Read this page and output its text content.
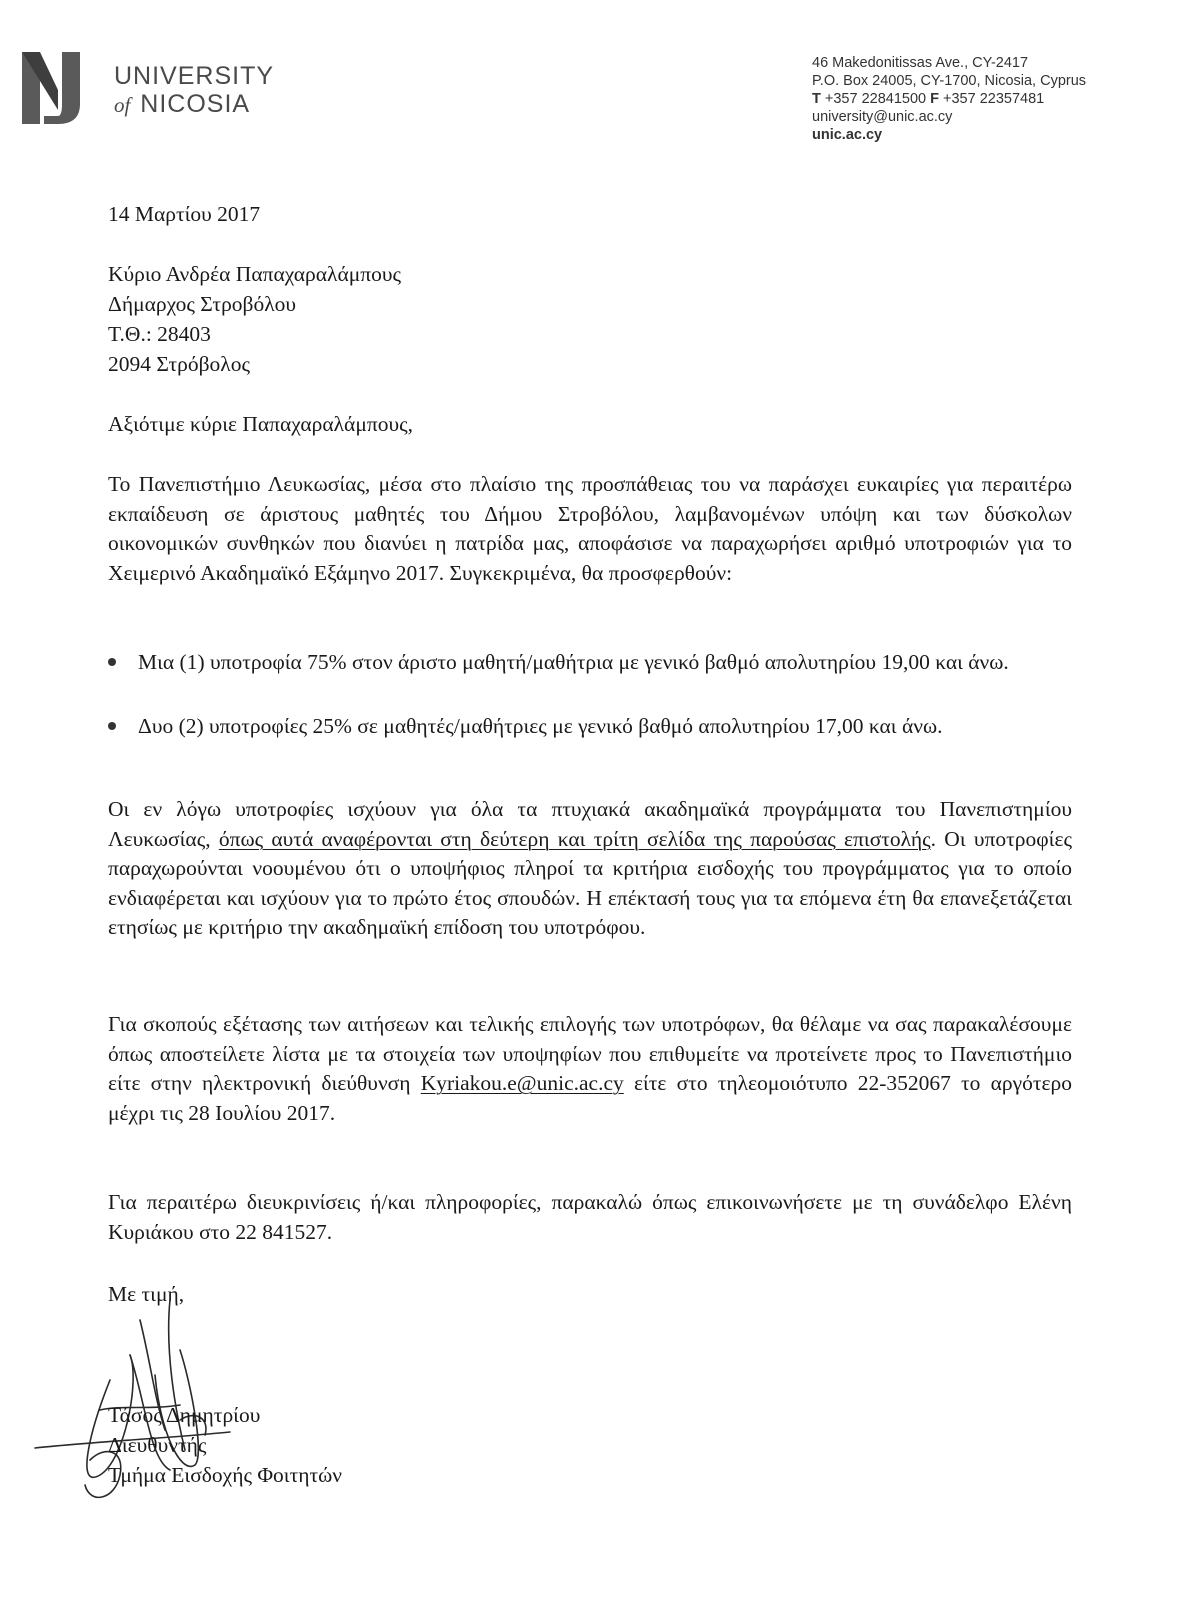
UNIVERSITY
of NICOSIA
46 Makedonitissas Ave., CY-2417
P.O. Box 24005, CY-1700, Nicosia, Cyprus
T +357 22841500 F +357 22357481
university@unic.ac.cy
unic.ac.cy
14 Μαρτίου 2017
Κύριο Ανδρέα Παπαχαραλάμπους
Δήμαρχος Στροβόλου
Τ.Θ.: 28403
2094 Στρόβολος
Αξιότιμε κύριε Παπαχαραλάμπους,
Το Πανεπιστήμιο Λευκωσίας, μέσα στο πλαίσιο της προσπάθειας του να παράσχει ευκαιρίες για περαιτέρω εκπαίδευση σε άριστους μαθητές του Δήμου Στροβόλου, λαμβανομένων υπόψη και των δύσκολων οικονομικών συνθηκών που διανύει η πατρίδα μας, αποφάσισε να παραχωρήσει αριθμό υποτροφιών για το Χειμερινό Ακαδημαϊκό Εξάμηνο 2017. Συγκεκριμένα, θα προσφερθούν:
Μια (1) υποτροφία 75% στον άριστο μαθητή/μαθήτρια με γενικό βαθμό απολυτηρίου 19,00 και άνω.
Δυο (2) υποτροφίες 25% σε μαθητές/μαθήτριες με γενικό βαθμό απολυτηρίου 17,00 και άνω.
Οι εν λόγω υποτροφίες ισχύουν για όλα τα πτυχιακά ακαδημαϊκά προγράμματα του Πανεπιστημίου Λευκωσίας, όπως αυτά αναφέρονται στη δεύτερη και τρίτη σελίδα της παρούσας επιστολής. Οι υποτροφίες παραχωρούνται νοουμένου ότι ο υποψήφιος πληροί τα κριτήρια εισδοχής του προγράμματος για το οποίο ενδιαφέρεται και ισχύουν για το πρώτο έτος σπουδών. Η επέκτασή τους για τα επόμενα έτη θα επανεξετάζεται ετησίως με κριτήριο την ακαδημαϊκή επίδοση του υποτρόφου.
Για σκοπούς εξέτασης των αιτήσεων και τελικής επιλογής των υποτρόφων, θα θέλαμε να σας παρακαλέσουμε όπως αποστείλετε λίστα με τα στοιχεία των υποψηφίων που επιθυμείτε να προτείνετε προς το Πανεπιστήμιο είτε στην ηλεκτρονική διεύθυνση Kyriakou.e@unic.ac.cy είτε στο τηλεομοιότυπο 22-352067 το αργότερο μέχρι τις 28 Ιουλίου 2017.
Για περαιτέρω διευκρινίσεις ή/και πληροφορίες, παρακαλώ όπως επικοινωνήσετε με τη συνάδελφο Ελένη Κυριάκου στο 22 841527.
Με τιμή,
Τάσος Δημητρίου
Διευθυντής
Τμήμα Εισδοχής Φοιτητών
